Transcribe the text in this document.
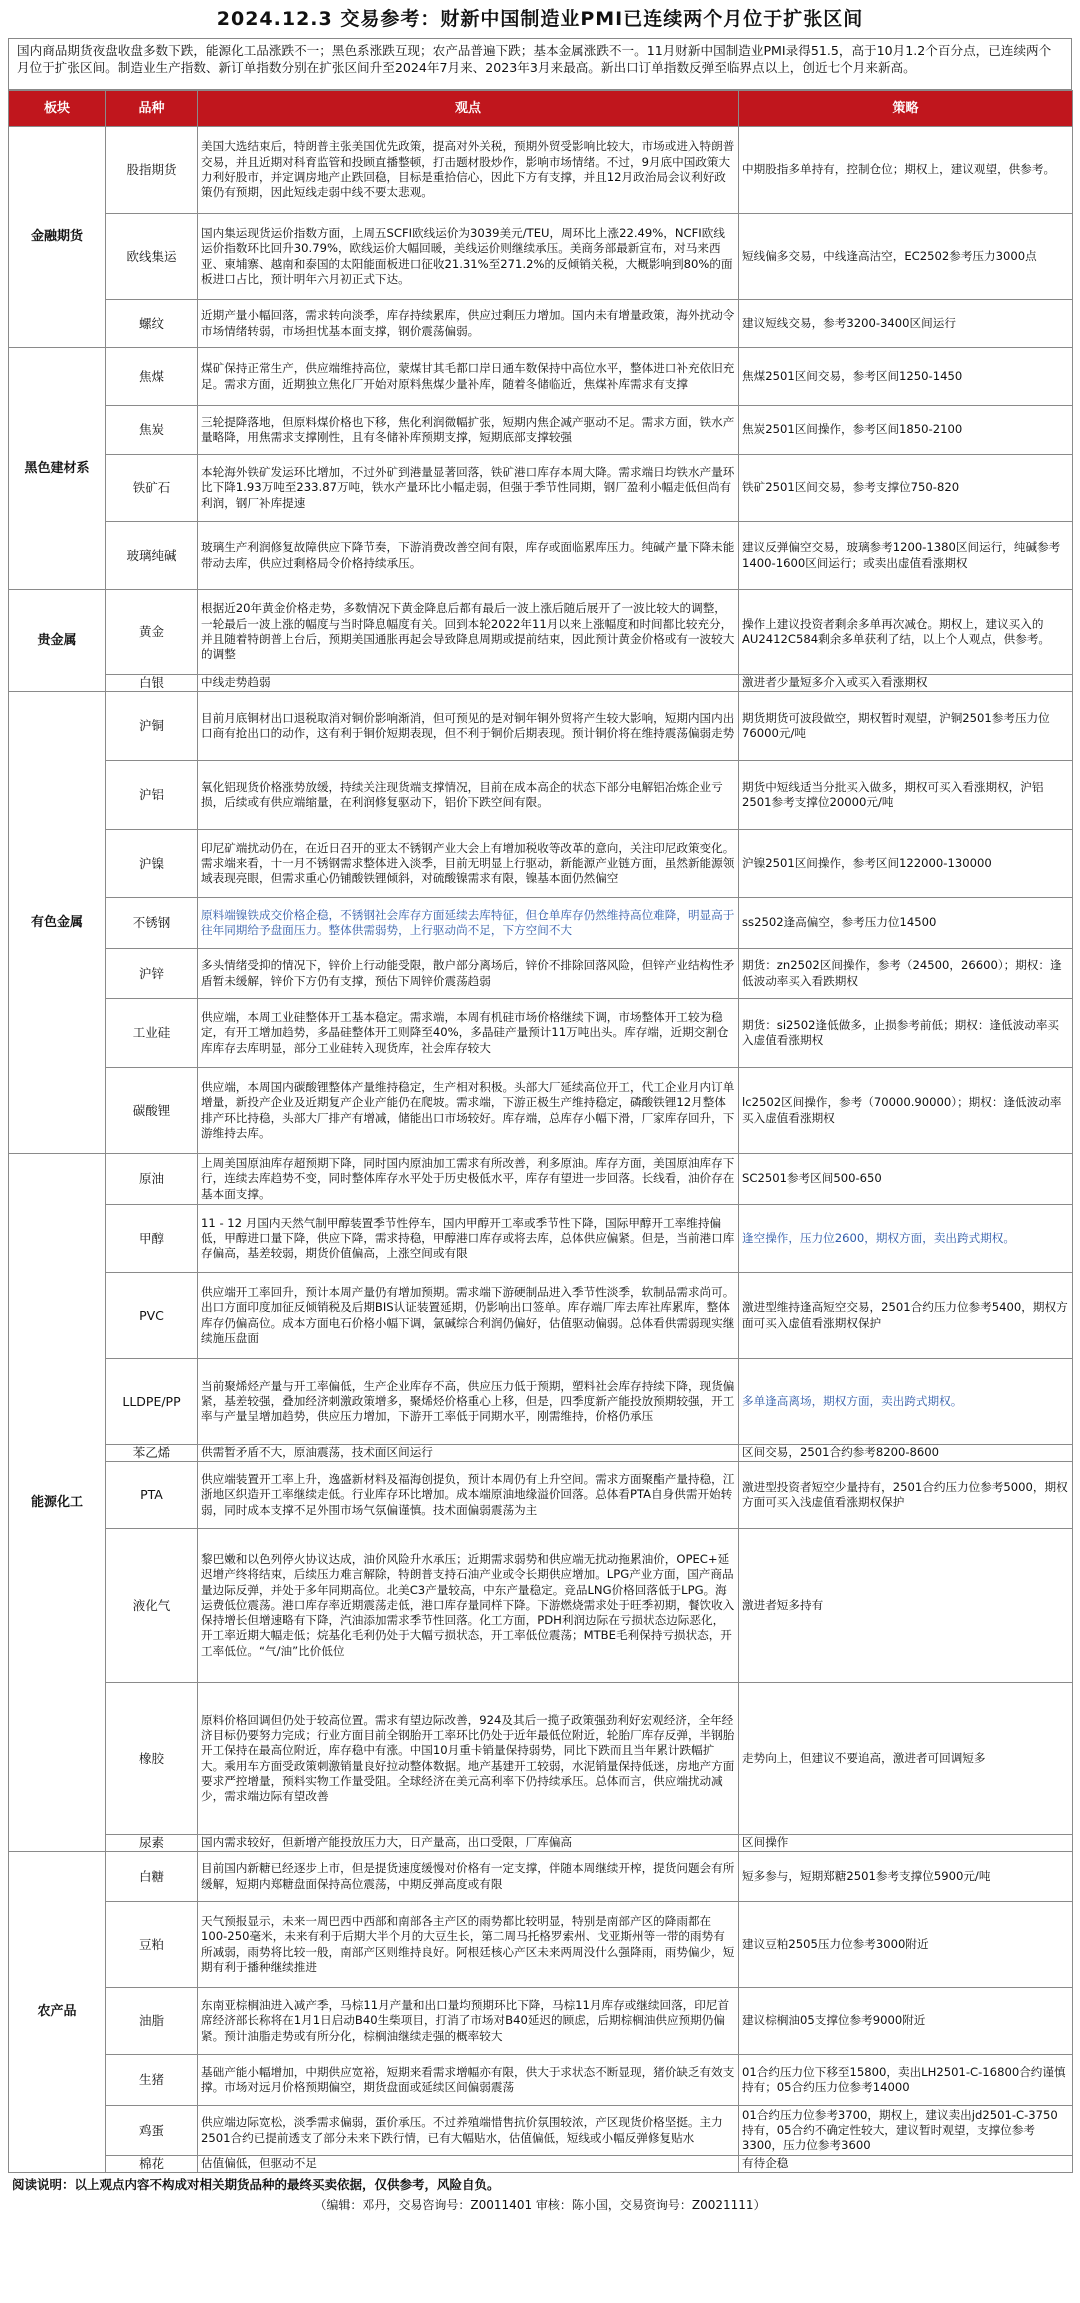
2024.12.3 交易参考：财新中国制造业PMI已连续两个月位于扩张区间
国内商品期货夜盘收盘多数下跌，能源化工品涨跌不一；黑色系涨跌互现；农产品普遍下跌；基本金属涨跌不一。11月财新中国制造业PMI录得51.5，高于10月1.2个百分点，已连续两个月位于扩张区间。制造业生产指数、新订单指数分别在扩张区间升至2024年7月来、2023年3月来最高。新出口订单指数反弹至临界点以上，创近七个月来新高。
板块	品种	观点	策略
金融期货	股指期货	美国大选结束后，特朗普主张美国优先政策，提高对外关税，预期外贸受影响比较大，市场或进入特朗普交易，并且近期对科育监管和投顾直播整顿，打击题材股炒作，影响市场情绪。不过，9月底中国政策大力利好股市，并定调房地产止跌回稳，目标是重拾信心，因此下方有支撑，并且12月政治局会议利好政策仍有预期，因此短线走弱中线不要太悲观。	中期股指多单持有，控制仓位；期权上，建议观望，供参考。
	欧线集运	国内集运现货运价指数方面，上周五SCFI欧线运价为3039美元/TEU，周环比上涨22.49%，NCFI欧线运价指数环比回升30.79%，欧线运价大幅回暖，美线运价则继续承压。美商务部最新宣布，对马来西亚、柬埔寨、越南和泰国的太阳能面板进口征收21.31%至271.2%的反倾销关税，大概影响到80%的面板进口占比，预计明年六月初正式下达。	短线偏多交易，中线逢高沽空，EC2502参考压力3000点
	螺纹	近期产量小幅回落，需求转向淡季，库存持续累库，供应过剩压力增加。国内未有增量政策，海外扰动令市场情绪转弱，市场担忧基本面支撑，钢价震荡偏弱。	建议短线交易，参考3200-3400区间运行
黑色建材系	焦煤	煤矿保持正常生产，供应端维持高位，蒙煤甘其毛都口岸日通车数保持中高位水平，整体进口补充依旧充足。需求方面，近期独立焦化厂开始对原料焦煤少量补库，随着冬储临近，焦煤补库需求有支撑	焦煤2501区间交易，参考区间1250-1450
	焦炭	三轮提降落地，但原料煤价格也下移，焦化利润微幅扩张，短期内焦企减产驱动不足。需求方面，铁水产量略降，用焦需求支撑刚性，且有冬储补库预期支撑，短期底部支撑较强	焦炭2501区间操作，参考区间1850-2100
	铁矿石	本轮海外铁矿发运环比增加，不过外矿到港量显著回落，铁矿港口库存本周大降。需求端日均铁水产量环比下降1.93万吨至233.87万吨，铁水产量环比小幅走弱，但强于季节性同期，钢厂盈利小幅走低但尚有利润，钢厂补库提速	铁矿2501区间交易，参考支撑位750-820
	玻璃纯碱	玻璃生产利润修复故障供应下降节奏，下游消费改善空间有限，库存或面临累库压力。纯碱产量下降未能带动去库，供应过剩格局令价格持续承压。	建议反弹偏空交易，玻璃参考1200-1380区间运行，纯碱参考1400-1600区间运行；或卖出虚值看涨期权
贵金属	黄金	根据近20年黄金价格走势，多数情况下黄金降息后都有最后一波上涨后随后展开了一波比较大的调整，一轮最后一波上涨的幅度与当时降息幅度有关。回到本轮2022年11月以来上涨幅度和时间都比较充分，并且随着特朗普上台后，预期美国通胀再起会导致降息周期或提前结束，因此预计黄金价格或有一波较大的调整	操作上建议投资者剩余多单再次减仓。期权上，建议买入的AU2412C584剩余多单获利了结，以上个人观点，供参考。
	白银	中线走势趋弱	激进者少量短多介入或买入看涨期权
有色金属	沪铜	目前月底铜材出口退税取消对铜价影响渐消，但可预见的是对铜年铜外贸将产生较大影响，短期内国内出口商有抢出口的动作，这有利于铜价短期表现，但不利于铜价后期表现。预计铜价将在维持震荡偏弱走势	期货期货可波段做空，期权暂时观望，沪铜2501参考压力位76000元/吨
	沪铝	氧化铝现货价格涨势放缓，持续关注现货端支撑情况，目前在成本高企的状态下部分电解铝冶炼企业亏损，后续或有供应端缩量，在利润修复驱动下，铝价下跌空间有限。	期货中短线适当分批买入做多，期权可买入看涨期权，沪铝2501参考支撑位20000元/吨
	沪镍	印尼矿端扰动仍在，在近日召开的亚太不锈钢产业大会上有增加税收等改革的意向，关注印尼政策变化。需求端来看，十一月不锈钢需求整体进入淡季，目前无明显上行驱动，新能源产业链方面，虽然新能源领域表现亮眼，但需求重心仍铺酸铁锂倾斜，对硫酸镍需求有限，镍基本面仍然偏空	沪镍2501区间操作，参考区间122000-130000
	不锈钢	原料端镍铁成交价格企稳，不锈钢社会库存方面延续去库特征，但仓单库存仍然维持高位难降，明显高于往年同期给予盘面压力。整体供需弱势，上行驱动尚不足，下方空间不大	ss2502逢高偏空，参考压力位14500
	沪锌	多头情绪受抑的情况下，锌价上行动能受限，散户部分离场后，锌价不排除回落风险，但锌产业结构性矛盾暂未缓解，锌价下方仍有支撑，预估下周锌价震荡趋弱	期货：zn2502区间操作，参考（24500，26600）；期权：逢低波动率买入看跌期权
	工业硅	供应端，本周工业硅整体开工基本稳定。需求端，本周有机硅市场价格继续下调，市场整体开工较为稳定，有开工增加趋势，多晶硅整体开工则降至40%，多晶硅产量预计11万吨出头。库存端，近期交割仓库库存去库明显，部分工业硅转入现货库，社会库存较大	期货：si2502逢低做多，止损参考前低；期权：逢低波动率买入虚值看涨期权
	碳酸锂	供应端，本周国内碳酸锂整体产量维持稳定，生产相对积极。头部大厂延续高位开工，代工企业月内订单增量，新投产企业及近期复产企业产能仍在爬坡。需求端，下游正极生产维持稳定，磷酸铁锂12月整体排产环比持稳，头部大厂排产有增减，储能出口市场较好。库存端，总库存小幅下滑，厂家库存回升，下游维持去库。	lc2502区间操作，参考（70000.90000）；期权：逢低波动率买入虚值看涨期权
能源化工	原油	上周美国原油库存超预期下降，同时国内原油加工需求有所改善，利多原油。库存方面，美国原油库存下行，连续去库趋势不变，同时整体库存水平处于历史极低水平，库存有望进一步回落。长线看，油价存在基本面支撑。	SC2501参考区间500-650
	甲醇	11 - 12 月国内天然气制甲醇装置季节性停车，国内甲醇开工率或季节性下降，国际甲醇开工率维持偏低，甲醇进口量下降，供应下降，需求持稳，甲醇港口库存或将去库，总体供应偏紧。但是，当前港口库存偏高，基差较弱，期货价值偏高，上涨空间或有限	逢空操作，压力位2600，期权方面，卖出跨式期权。
	PVC	供应端开工率回升，预计本周产量仍有增加预期。需求端下游硬制品进入季节性淡季，软制品需求尚可。出口方面印度加征反倾销税及后期BIS认证装置延期，仍影响出口签单。库存端厂库去库社库累库，整体库存仍偏高位。成本方面电石价格小幅下调，氯碱综合利润仍偏好，估值驱动偏弱。总体看供需弱现实继续施压盘面	激进型维持逢高短空交易，2501合约压力位参考5400，期权方面可买入虚值看涨期权保护
	LLDPE/PP	当前聚烯烃产量与开工率偏低，生产企业库存不高，供应压力低于预期，塑料社会库存持续下降，现货偏紧，基差较强，叠加经济刺激政策增多，聚烯烃价格重心上移，但是，四季度新产能投放预期较强，开工率与产量呈增加趋势，供应压力增加，下游开工率低于同期水平，刚需维持，价格仍承压	多单逢高离场，期权方面，卖出跨式期权。
	苯乙烯	供需暂矛盾不大，原油震荡，技术面区间运行	区间交易，2501合约参考8200-8600
	PTA	供应端装置开工率上升，逸盛新材料及福海创提负，预计本周仍有上升空间。需求方面聚酯产量持稳，江浙地区织造开工率继续走低。行业库存环比增加。成本端原油地缘溢价回落。总体看PTA自身供需开始转弱，同时成本支撑不足外围市场气氛偏谨慎。技术面偏弱震荡为主	激进型投资者短空少量持有，2501合约压力位参考5000，期权方面可买入浅虚值看涨期权保护
	液化气	黎巴嫩和以色列停火协议达成，油价风险升水承压；近期需求弱势和供应端无扰动拖累油价，OPEC+延迟增产终将结束，后续压力难言解除，特朗普支持石油产业或令长期供应增加。LPG产业方面，国产商品量边际反弹，并处于多年同期高位。北美C3产量较高，中东产量稳定。竞品LNG价格回落低于LPG。海运费低位震荡。港口库存率近期震荡走低，港口库存量同样下降。下游燃烧需求处于旺季初期，餐饮收入保持增长但增速略有下降，汽油添加需求季节性回落。化工方面，PDH利润边际在亏损状态边际恶化，开工率近期大幅走低；烷基化毛利仍处于大幅亏损状态，开工率低位震荡；MTBE毛利保持亏损状态，开工率低位。“气/油”比价低位	激进者短多持有
	橡胶	原料价格回调但仍处于较高位置。需求有望边际改善，924及其后一揽子政策强劲利好宏观经济，全年经济目标仍要努力完成；行业方面目前全钢胎开工率环比仍处于近年最低位附近，轮胎厂库存反弹，半钢胎开工保持在最高位附近，库存稳中有涨。中国10月重卡销量保持弱势，同比下跌而且当年累计跌幅扩大。乘用车方面受政策刺激销量良好拉动整体数据。地产基建开工较弱，水泥销量保持低迷，房地产方面要求严控增量，预料实物工作量受阻。全球经济在美元高利率下仍持续承压。总体而言，供应端扰动减少，需求端边际有望改善	走势向上，但建议不要追高，激进者可回调短多
	尿素	国内需求较好，但新增产能投放压力大，日产量高，出口受限，厂库偏高	区间操作
农产品	白糖	目前国内新糖已经逐步上市，但是提货速度缓慢对价格有一定支撑，伴随本周继续开榨，提货问题会有所缓解，短期内郑糖盘面保持高位震荡，中期反弹高度或有限	短多参与，短期郑糖2501参考支撑位5900元/吨
	豆粕	天气预报显示，未来一周巴西中西部和南部各主产区的雨势都比较明显，特别是南部产区的降雨都在100-250毫米，未来有利于后期大半个月的大豆生长，第二周马托格罗索州、戈亚斯州等一带的雨势有所减弱，雨势将比较一般，南部产区则维持良好。阿根廷核心产区未来两周没什么强降雨，雨势偏少，短期有利于播种继续推进	建议豆粕2505压力位参考3000附近
	油脂	东南亚棕榈油进入减产季，马棕11月产量和出口量均预期环比下降，马棕11月库存或继续回落，印尼首席经济部长称将在1月1日启动B40生柴项目，打消了市场对B40延迟的顾虑，后期棕榈油供应预期仍偏紧。预计油脂走势或有所分化，棕榈油继续走强的概率较大	建议棕榈油05支撑位参考9000附近
	生猪	基础产能小幅增加，中期供应宽裕，短期来看需求增幅亦有限，供大于求状态不断显现，猪价缺乏有效支撑。市场对远月价格预期偏空，期货盘面或延续区间偏弱震荡	01合约压力位下移至15800，卖出LH2501-C-16800合约谨慎持有；05合约压力位参考14000
	鸡蛋	供应端边际宽松，淡季需求偏弱，蛋价承压。不过养殖端惜售抗价氛围较浓，产区现货价格坚挺。主力2501合约已提前透支了部分未来下跌行情，已有大幅贴水，估值偏低，短线或小幅反弹修复贴水	01合约压力位参考3700，期权上，建议卖出jd2501-C-3750持有，05合约不确定性较大，建议暂时观望，支撑位参考3300，压力位参考3600
	棉花	估值偏低，但驱动不足	有待企稳
阅读说明：以上观点内容不构成对相关期货品种的最终买卖依据，仅供参考，风险自负。
（编辑：邓丹，交易咨询号：Z0011401 审核：陈小国，交易资询号：Z0021111）
